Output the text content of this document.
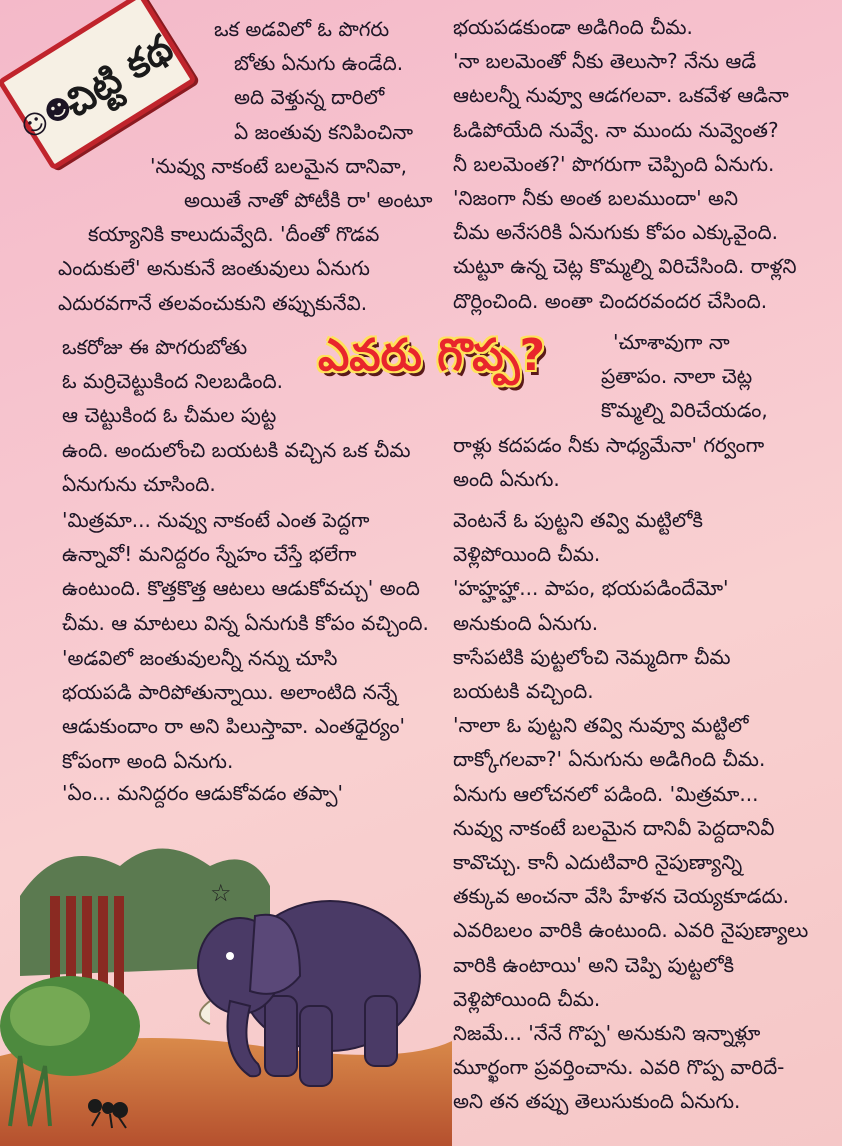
☺☻
చిట్టి కథ ఒక అడవిలో ఓ పొగరు
బోతు ఏనుగు ఉండేది.
అది వెళ్తున్న దారిలో
ఏ జంతువు కనిపించినా
'నువ్వు నాకంటే బలమైన దానివా,
అయితే నాతో పోటీకి రా' అంటూ
కయ్యానికి కాలుదువ్వేది. 'దీంతో గొడవ
ఎందుకులే' అనుకునే జంతువులు ఏనుగు
ఎదురవగానే తలవంచుకుని తప్పుకునేవి.
ఒకరోజు ఈ పొగరుబోతు
ఓ మర్రిచెట్టుకింద నిలబడింది.
ఆ చెట్టుకింద ఓ చీమల పుట్ట
ఉంది. అందులోంచి బయటకి వచ్చిన ఒక చీమ
ఏనుగును చూసింది.
'మిత్రమా... నువ్వు నాకంటే ఎంత పెద్దగా
ఉన్నావో! మనిద్దరం స్నేహం చేస్తే భలేగా
ఉంటుంది. కొత్తకొత్త ఆటలు ఆడుకోవచ్చు' అంది
చీమ. ఆ మాటలు విన్న ఏనుగుకి కోపం వచ్చింది.
'అడవిలో జంతువులన్నీ నన్ను చూసి
భయపడి పారిపోతున్నాయి. అలాంటిది నన్నే
ఆడుకుందాం రా అని పిలుస్తావా. ఎంతధైర్యం'
కోపంగా అంది ఏనుగు.
'ఏం... మనిద్దరం ఆడుకోవడం తప్పా'
ఎవరు గొప్ప?
భయపడకుండా అడిగింది చీమ.
'నా బలమెంతో నీకు తెలుసా? నేను ఆడే
ఆటలన్నీ నువ్వూ ఆడగలవా. ఒకవేళ ఆడినా
ఓడిపోయేది నువ్వే. నా ముందు నువ్వెంత?
నీ బలమెంత?' పొగరుగా చెప్పింది ఏనుగు.
'నిజంగా నీకు అంత బలముందా' అని
చీమ అనేసరికి ఏనుగుకు కోపం ఎక్కువైంది.
చుట్టూ ఉన్న చెట్ల కొమ్మల్ని విరిచేసింది. రాళ్లని
దొర్లించింది. అంతా చిందరవందర చేసింది.
'చూశావుగా నా
ప్రతాపం. నాలా చెట్ల
కొమ్మల్ని విరిచేయడం,
రాళ్లు కదపడం నీకు సాధ్యమేనా' గర్వంగా
అంది ఏనుగు.
వెంటనే ఓ పుట్టని తవ్వి మట్టిలోకి
వెళ్లిపోయింది చీమ.
'హహ్హహ్హా... పాపం, భయపడిందేమో'
అనుకుంది ఏనుగు.
కాసేపటికి పుట్టలోంచి నెమ్మదిగా చీమ
బయటకి వచ్చింది.
'నాలా ఓ పుట్టని తవ్వి నువ్వూ మట్టిలో
దాక్కోగలవా?' ఏనుగును అడిగింది చీమ.
ఏనుగు ఆలోచనలో పడింది. 'మిత్రమా...
నువ్వు నాకంటే బలమైన దానివీ పెద్దదానివీ
కావొచ్చు. కానీ ఎదుటివారి నైపుణ్యాన్ని
తక్కువ అంచనా వేసి హేళన చెయ్యకూడదు.
ఎవరిబలం వారికి ఉంటుంది. ఎవరి నైపుణ్యాలు
వారికి ఉంటాయి' అని చెప్పి పుట్టలోకి
వెళ్లిపోయింది చీమ.
నిజమే... 'నేనే గొప్ప' అనుకుని ఇన్నాళ్లూ
మూర్ఖంగా ప్రవర్తించాను. ఎవరి గొప్ప వారిదే-
అని తన తప్పు తెలుసుకుంది ఏనుగు.
☆
